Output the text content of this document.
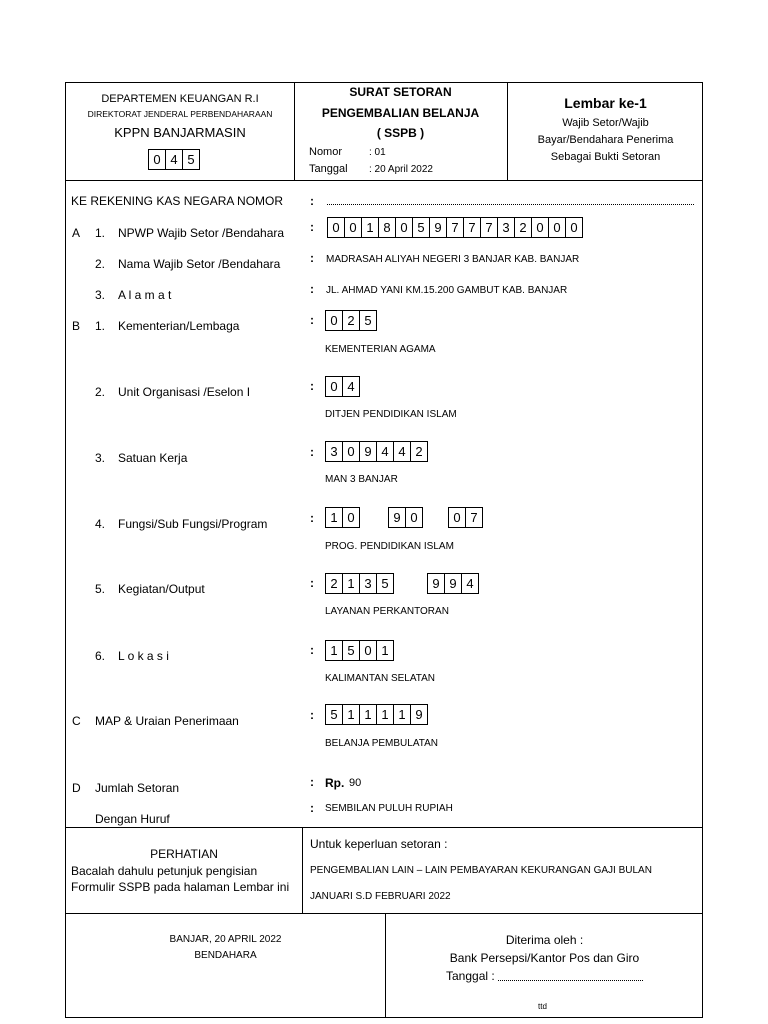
DEPARTEMEN KEUANGAN R.I
DIREKTORAT JENDERAL PERBENDAHARAAN
KPPN BANJARMASIN
0 4 5
SURAT SETORAN
PENGEMBALIAN BELANJA
( SSPB )
Nomor	: 01
Tanggal : 20 April 2022
Lembar ke-1
Wajib Setor/Wajib
Bayar/Bendahara Penerima
Sebagai Bukti Setoran
KE REKENING KAS NEGARA NOMOR :
A 1. NPWP Wajib Setor /Bendahara :	0 0 1 8 0 5 9 7 7 7 3 2 0 0 0
2. Nama Wajib Setor /Bendahara : MADRASAH ALIYAH NEGERI 3 BANJAR KAB. BANJAR
3. A l a m a t	: JL. AHMAD YANI KM.15.200 GAMBUT KAB. BANJAR
B 1. Kementerian/Lembaga	:	0 2 5
KEMENTERIAN AGAMA
2. Unit Organisasi /Eselon I	:	0 4
DITJEN PENDIDIKAN ISLAM
3. Satuan Kerja	:	3 0 9 4 4 2
MAN 3 BANJAR
4. Fungsi/Sub Fungsi/Program	:	1 0	9 0	0 7
PROG. PENDIDIKAN ISLAM
5. Kegiatan/Output	:	2 1 3 5	9 9 4
LAYANAN PERKANTORAN
6. L o k a s i	:	1 5 0 1
KALIMANTAN SELATAN
C MAP & Uraian Penerimaan	:	5 1 1 1 1 9
BELANJA PEMBULATAN
D Jumlah Setoran	: Rp. 90
Dengan Huruf
: SEMBILAN PULUH RUPIAH
PERHATIAN
Bacalah dahulu petunjuk pengisian
Formulir SSPB pada halaman Lembar ini
Untuk keperluan setoran :
PENGEMBALIAN LAIN – LAIN PEMBAYARAN KEKURANGAN GAJI BULAN
JANUARI S.D FEBRUARI 2022
BANJAR, 20 APRIL 2022
BENDAHARA
Diterima oleh :
Bank Persepsi/Kantor Pos dan Giro
Tanggal :
ttd
